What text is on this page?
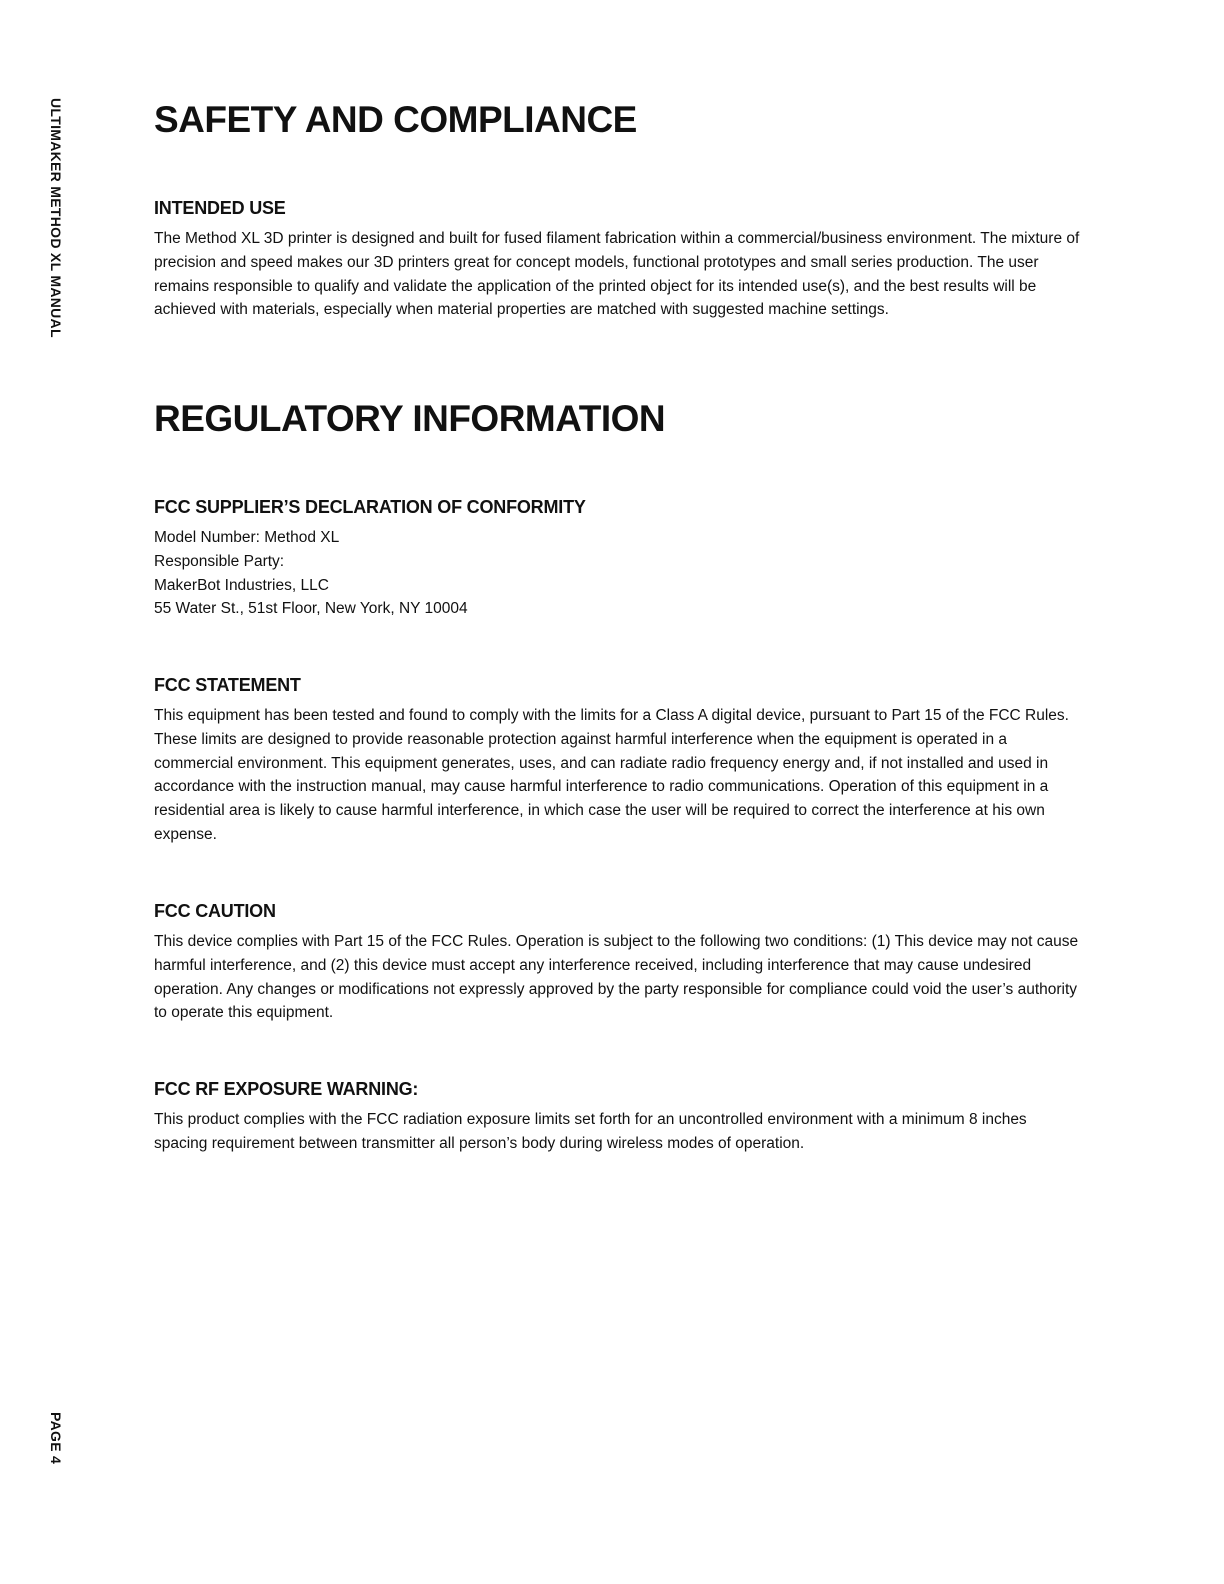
ULTIMAKER METHOD XL MANUAL
PAGE 4
SAFETY AND COMPLIANCE
INTENDED USE

The Method XL 3D printer is designed and built for fused filament fabrication within a commercial/business environment. The mixture of precision and speed makes our 3D printers great for concept models, functional prototypes and small series production. The user remains responsible to qualify and validate the application of the printed object for its intended use(s), and the best results will be achieved with materials, especially when material properties are matched with suggested machine settings.

REGULATORY INFORMATION
FCC SUPPLIER’S DECLARATION OF CONFORMITY
Model Number: Method XL
Responsible Party:
MakerBot Industries, LLC
55 Water St., 51st Floor, New York, NY 10004
FCC STATEMENT

This equipment has been tested and found to comply with the limits for a Class A digital device, pursuant to Part 15 of the FCC Rules. These limits are designed to provide reasonable protection against harmful interference when the equipment is operated in a commercial environment. This equipment generates, uses, and can radiate radio frequency energy and, if not installed and used in accordance with the instruction manual, may cause harmful interference to radio communications. Operation of this equipment in a residential area is likely to cause harmful interference, in which case the user will be required to correct the interference at his own expense.

FCC CAUTION

This device complies with Part 15 of the FCC Rules. Operation is subject to the following two conditions: (1) This device may not cause harmful interference, and (2) this device must accept any interference received, including interference that may cause undesired operation. Any changes or modifications not expressly approved by the party responsible for compliance could void the user’s authority to operate this equipment.

FCC RF EXPOSURE WARNING:

This product complies with the FCC radiation exposure limits set forth for an uncontrolled environment with a minimum 8 inches spacing requirement between transmitter all person’s body during wireless modes of operation.
